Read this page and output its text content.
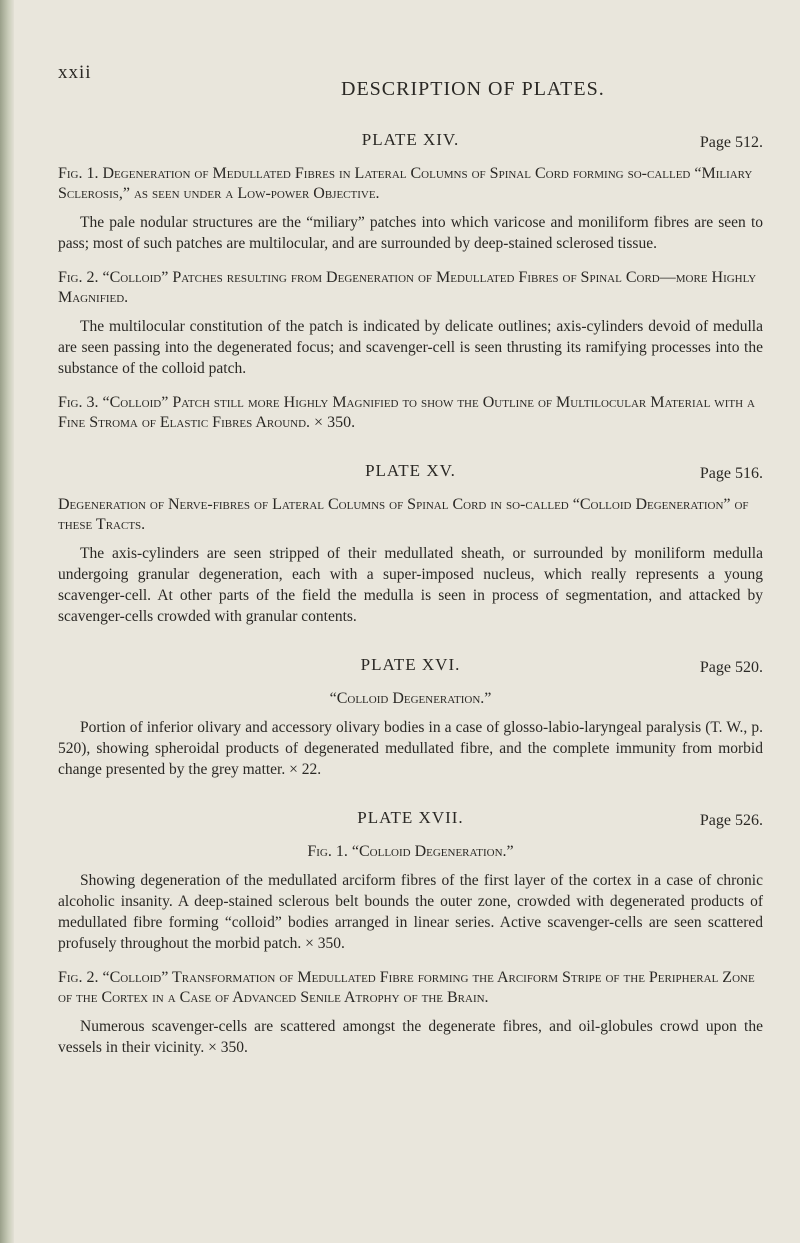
xxii
DESCRIPTION OF PLATES.
PLATE XIV.	Page 512.

Fig. 1. Degeneration of Medullated Fibres in Lateral Columns of Spinal Cord forming so-called “Miliary Sclerosis,” as seen under a Low-power Objective.

The pale nodular structures are the “miliary” patches into which varicose and moniliform fibres are seen to pass; most of such patches are multilocular, and are surrounded by deep-stained sclerosed tissue.

Fig. 2. “Colloid” Patches resulting from Degeneration of Medullated Fibres of Spinal Cord—more Highly Magnified.

The multilocular constitution of the patch is indicated by delicate outlines; axis-cylinders devoid of medulla are seen passing into the degenerated focus; and scavenger-cell is seen thrusting its ramifying processes into the substance of the colloid patch.

Fig. 3. “Colloid” Patch still more Highly Magnified to show the Outline of Multilocular Material with a Fine Stroma of Elastic Fibres Around. × 350.

PLATE XV.	Page 516.

Degeneration of Nerve-fibres of Lateral Columns of Spinal Cord in so-called “Colloid Degeneration” of these Tracts.

The axis-cylinders are seen stripped of their medullated sheath, or surrounded by moniliform medulla undergoing granular degeneration, each with a super-imposed nucleus, which really represents a young scavenger-cell. At other parts of the field the medulla is seen in process of segmentation, and attacked by scavenger-cells crowded with granular contents.

PLATE XVI.	Page 520.

“Colloid Degeneration.”

Portion of inferior olivary and accessory olivary bodies in a case of glosso-labio-laryngeal paralysis (T. W., p. 520), showing spheroidal products of degenerated medullated fibre, and the complete immunity from morbid change presented by the grey matter. × 22.

PLATE XVII.	Page 526.

Fig. 1. “Colloid Degeneration.”

Showing degeneration of the medullated arciform fibres of the first layer of the cortex in a case of chronic alcoholic insanity. A deep-stained sclerous belt bounds the outer zone, crowded with degenerated products of medullated fibre forming “colloid” bodies arranged in linear series. Active scavenger-cells are seen scattered profusely throughout the morbid patch. × 350.

Fig. 2. “Colloid” Transformation of Medullated Fibre forming the Arciform Stripe of the Peripheral Zone of the Cortex in a Case of Advanced Senile Atrophy of the Brain.

Numerous scavenger-cells are scattered amongst the degenerate fibres, and oil-globules crowd upon the vessels in their vicinity. × 350.
